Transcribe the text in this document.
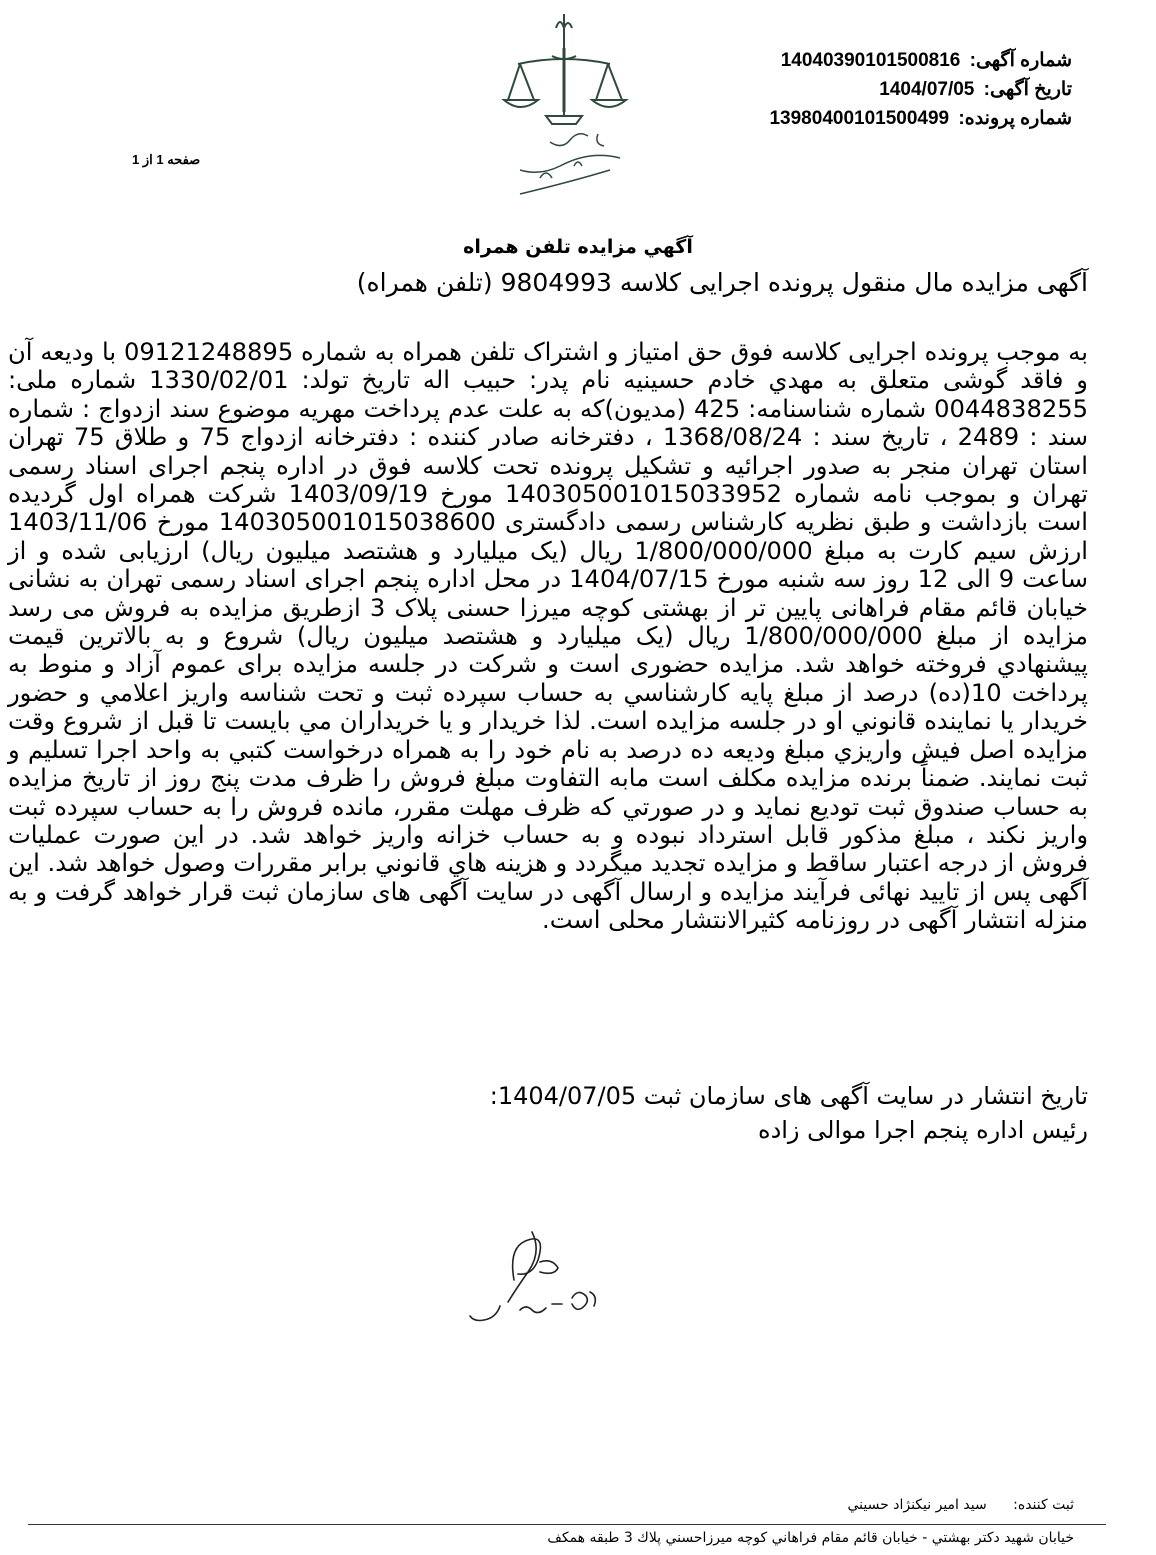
شماره آگهی: 14040390101500816
تاریخ آگهی: 1404/07/05
شماره پرونده: 13980400101500499
صفحه 1 از 1
آگهي مزايده تلفن همراه
آگهی مزایده مال منقول پرونده اجرایی کلاسه 9804993 (تلفن همراه)

به موجب پرونده اجرایی کلاسه فوق حق امتیاز و اشتراک تلفن همراه به شماره 09121248895 با ودیعه آن و فاقد گوشی متعلق به مهدي خادم حسينيه نام پدر: حبيب اله تاریخ تولد: 1330/02/01 شماره ملی: 0044838255 شماره شناسنامه: 425 (مدیون)که به علت عدم پرداخت مهریه موضوع سند ازدواج : شماره سند : 2489 ، تاریخ سند : 1368/08/24 ، دفترخانه صادر کننده : دفترخانه ازدواج 75 و طلاق 75 تهران استان تهران منجر به صدور اجرائیه و تشکیل پرونده تحت کلاسه فوق در اداره پنجم اجرای اسناد رسمی تهران و بموجب نامه شماره 140305001015033952 مورخ 1403/09/19 شرکت همراه اول گردیده است بازداشت و طبق نظریه کارشناس رسمی دادگستری 140305001015038600 مورخ 1403/11/06 ارزش سیم کارت به مبلغ 1/800/000/000 ریال (یک میلیارد و هشتصد میلیون ریال) ارزیابی شده و از ساعت 9 الی 12 روز سه شنبه مورخ 1404/07/15 در محل اداره پنجم اجرای اسناد رسمی تهران به نشانی خیابان قائم مقام فراهانی پایین تر از بهشتی کوچه میرزا حسنی پلاک 3 ازطریق مزایده به فروش می رسد مزایده از مبلغ 1/800/000/000 ریال (یک میلیارد و هشتصد میلیون ریال) شروع و به بالاترین قیمت پیشنهادي فروخته خواهد شد. مزايده حضوری است و شرکت در جلسه مزایده برای عموم آزاد و منوط به پرداخت 10(ده) درصد از مبلغ پايه كارشناسي به حساب سپرده ثبت و تحت شناسه واريز اعلامي و حضور خريدار يا نماينده قانوني او در جلسه مزايده است. لذا خريدار و يا خريداران مي بايست تا قبل از شروع وقت مزايده اصل فيش واريزي مبلغ وديعه ده درصد به نام خود را به همراه درخواست كتبي به واحد اجرا تسليم و ثبت نمايند. ضمناً برنده مزايده مكلف است مابه التفاوت مبلغ فروش را ظرف مدت پنج روز از تاريخ مزايده به حساب صندوق ثبت توديع نمايد و در صورتي كه ظرف مهلت مقرر، مانده فروش را به حساب سپرده ثبت واريز نكند ، مبلغ مذكور قابل استرداد نبوده و به حساب خزانه واريز خواهد شد. در اين صورت عمليات فروش از درجه اعتبار ساقط و مزايده تجديد ميگردد و هزينه هاي قانوني برابر مقررات وصول خواهد شد. این آگهی پس از تایید نهائی فرآیند مزایده و ارسال آگهی در سایت آگهی های سازمان ثبت قرار خواهد گرفت و به منزله انتشار آگهی در روزنامه کثیرالانتشار محلی است.

تاریخ انتشار در سایت آگهی های سازمان ثبت 1404/07/05:
رئیس اداره پنجم اجرا موالی زاده
ثبت کننده: سيد امير نيكنژاد حسيني
خيابان شهيد دكتر بهشتي - خيابان قائم مقام فراهاني كوچه ميرزاحسني پلاك 3 طبقه همكف
